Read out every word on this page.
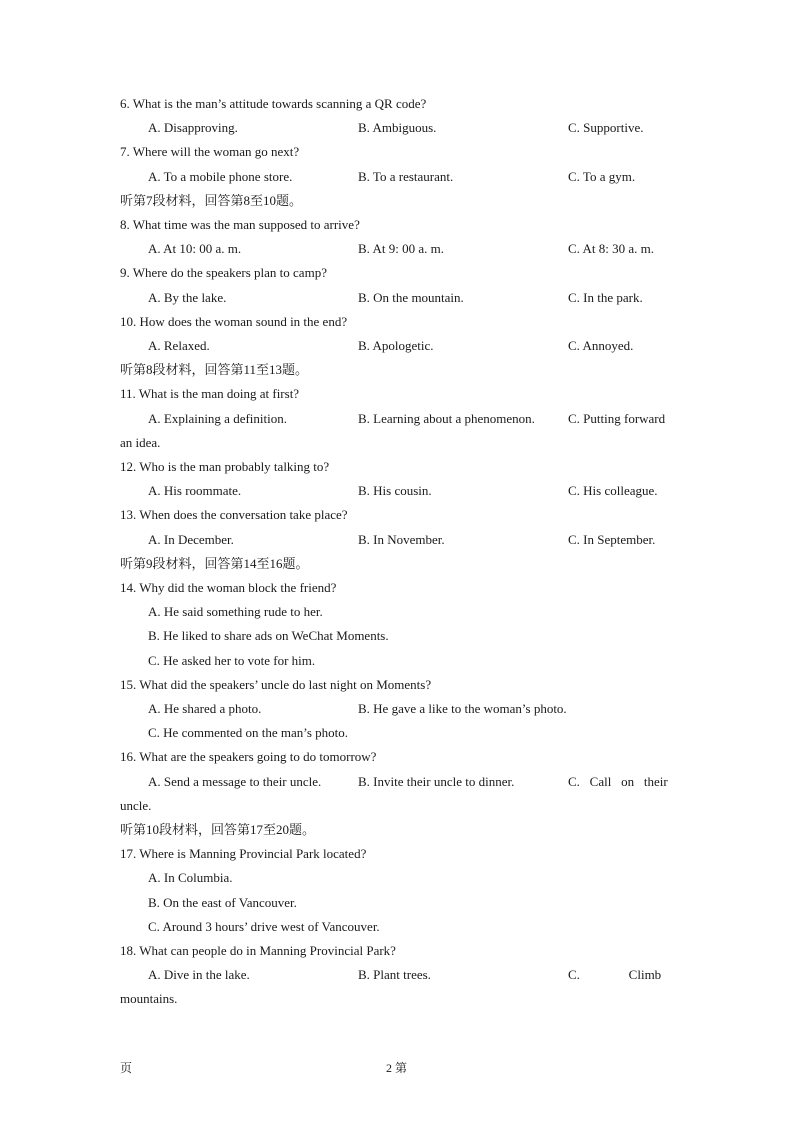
6. What is the man’s attitude towards scanning a QR code?
A. Disapproving.	B. Ambiguous.	C. Supportive.
7. Where will the woman go next?
A. To a mobile phone store.	B. To a restaurant.	C. To a gym.
听第7段材料，回答第8至10题。
8. What time was the man supposed to arrive?
A. At 10: 00 a. m.	B. At 9: 00 a. m.	C. At 8: 30 a. m.
9. Where do the speakers plan to camp?
A. By the lake.	B. On the mountain.	C. In the park.
10. How does the woman sound in the end?
A. Relaxed.	B. Apologetic.	C. Annoyed.
听第8段材料，回答第11至13题。
11. What is the man doing at first?
A. Explaining a definition.	B. Learning about a phenomenon.	C. Putting forward
an idea.
12. Who is the man probably talking to?
A. His roommate.	B. His cousin.	C. His colleague.
13. When does the conversation take place?
A. In December.	B. In November.	C. In September.
听第9段材料，回答第14至16题。
14. Why did the woman block the friend?
A. He said something rude to her.
B. He liked to share ads on WeChat Moments.
C. He asked her to vote for him.
15. What did the speakers’ uncle do last night on Moments?
A. He shared a photo.	B. He gave a like to the woman’s photo.
C. He commented on the man’s photo.
16. What are the speakers going to do tomorrow?
A. Send a message to their uncle.	B. Invite their uncle to dinner.	C.   Call   on   their
uncle.
听第10段材料，回答第17至20题。
17. Where is Manning Provincial Park located?
A. In Columbia.
B. On the east of Vancouver.
C. Around 3 hours’ drive west of Vancouver.
18. What can people do in Manning Provincial Park?
A. Dive in the lake.	B. Plant trees.	C.               Climb
mountains.
页	2 第
